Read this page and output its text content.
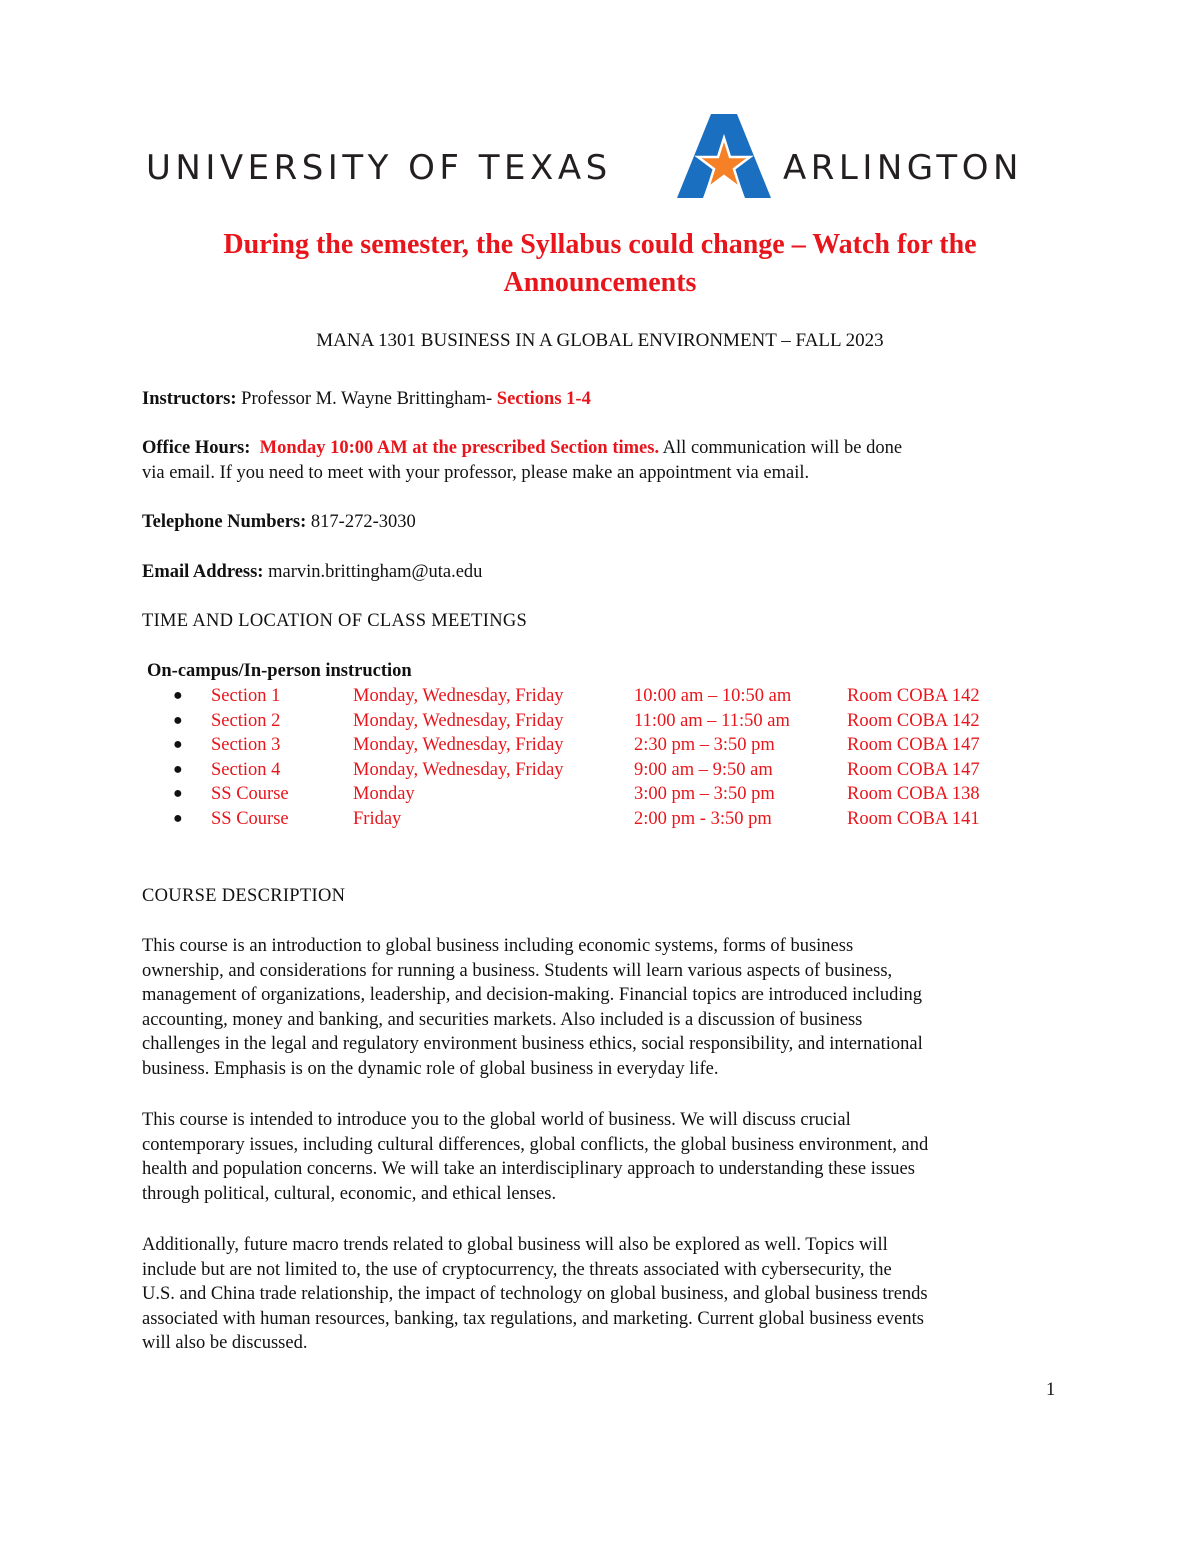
UNIVERSITY OF TEXAS	ARLINGTON
During the semester, the Syllabus could change – Watch for the
Announcements
MANA 1301 BUSINESS IN A GLOBAL ENVIRONMENT – FALL 2023
Instructors: Professor M. Wayne Brittingham- Sections 1-4
Office Hours: Monday 10:00 AM at the prescribed Section times. All communication will be done
via email. If you need to meet with your professor, please make an appointment via email.
Telephone Numbers: 817-272-3030
Email Address: marvin.brittingham@uta.edu
TIME AND LOCATION OF CLASS MEETINGS
On-campus/In-person instruction
● Section 1	Monday, Wednesday, Friday	10:00 am – 10:50 am	Room COBA 142
● Section 2	Monday, Wednesday, Friday	11:00 am – 11:50 am	Room COBA 142
● Section 3	Monday, Wednesday, Friday	2:30 pm – 3:50 pm	Room COBA 147
● Section 4	Monday, Wednesday, Friday	9:00 am – 9:50 am	Room COBA 147
● SS Course	Monday	3:00 pm – 3:50 pm	Room COBA 138
● SS Course	Friday	2:00 pm - 3:50 pm	Room COBA 141
COURSE DESCRIPTION
This course is an introduction to global business including economic systems, forms of business
ownership, and considerations for running a business. Students will learn various aspects of business,
management of organizations, leadership, and decision-making. Financial topics are introduced including
accounting, money and banking, and securities markets. Also included is a discussion of business
challenges in the legal and regulatory environment business ethics, social responsibility, and international
business. Emphasis is on the dynamic role of global business in everyday life.
This course is intended to introduce you to the global world of business. We will discuss crucial
contemporary issues, including cultural differences, global conflicts, the global business environment, and
health and population concerns. We will take an interdisciplinary approach to understanding these issues
through political, cultural, economic, and ethical lenses.
Additionally, future macro trends related to global business will also be explored as well. Topics will
include but are not limited to, the use of cryptocurrency, the threats associated with cybersecurity, the
U.S. and China trade relationship, the impact of technology on global business, and global business trends
associated with human resources, banking, tax regulations, and marketing. Current global business events
will also be discussed.
1
